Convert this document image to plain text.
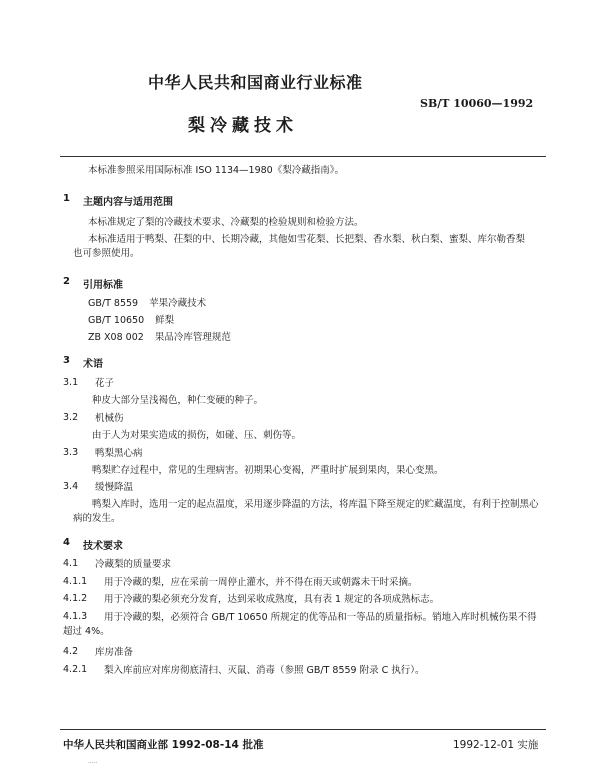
中华人民共和国商业行业标准
SB/T 10060—1992
梨冷藏技术
本标准参照采用国际标准 ISO 1134—1980《梨冷藏指南》。
1 主题内容与适用范围
本标准规定了梨的冷藏技术要求、冷藏梨的检验规则和检验方法。
本标准适用于鸭梨、茌梨的中、长期冷藏，其他如雪花梨、长把梨、香水梨、秋白梨、蜜梨、库尔勒香梨也可参照使用。
2 引用标准
GB/T 8559 苹果冷藏技术
GB/T 10650 鲜梨
ZB X08 002 果品冷库管理规范
3 术语
3.1 花子
种皮大部分呈浅褐色，种仁变硬的种子。
3.2 机械伤
由于人为对果实造成的损伤，如碰、压、刺伤等。
3.3 鸭梨黑心病
鸭梨贮存过程中，常见的生理病害。初期果心变褐，严重时扩展到果肉，果心变黑。
3.4 缓慢降温
鸭梨入库时，选用一定的起点温度，采用逐步降温的方法，将库温下降至规定的贮藏温度，有利于控制黑心病的发生。
4 技术要求
4.1 冷藏梨的质量要求
4.1.1 用于冷藏的梨，应在采前一周停止灌水，并不得在雨天或朝露未干时采摘。
4.1.2 用于冷藏的梨必须充分发育，达到采收成熟度，具有表 1 规定的各项成熟标志。
4.1.3	用于冷藏的梨，必须符合 GB/T 10650 所规定的优等品和一等品的质量指标。销地入库时机械伤果不得超过 4%。
4.2 库房准备
4.2.1 梨入库前应对库房彻底清扫、灭鼠、消毒（参照 GB/T 8559 附录 C 执行）。
中华人民共和国商业部 1992-08-14 批准	1992-12-01 实施
·····
